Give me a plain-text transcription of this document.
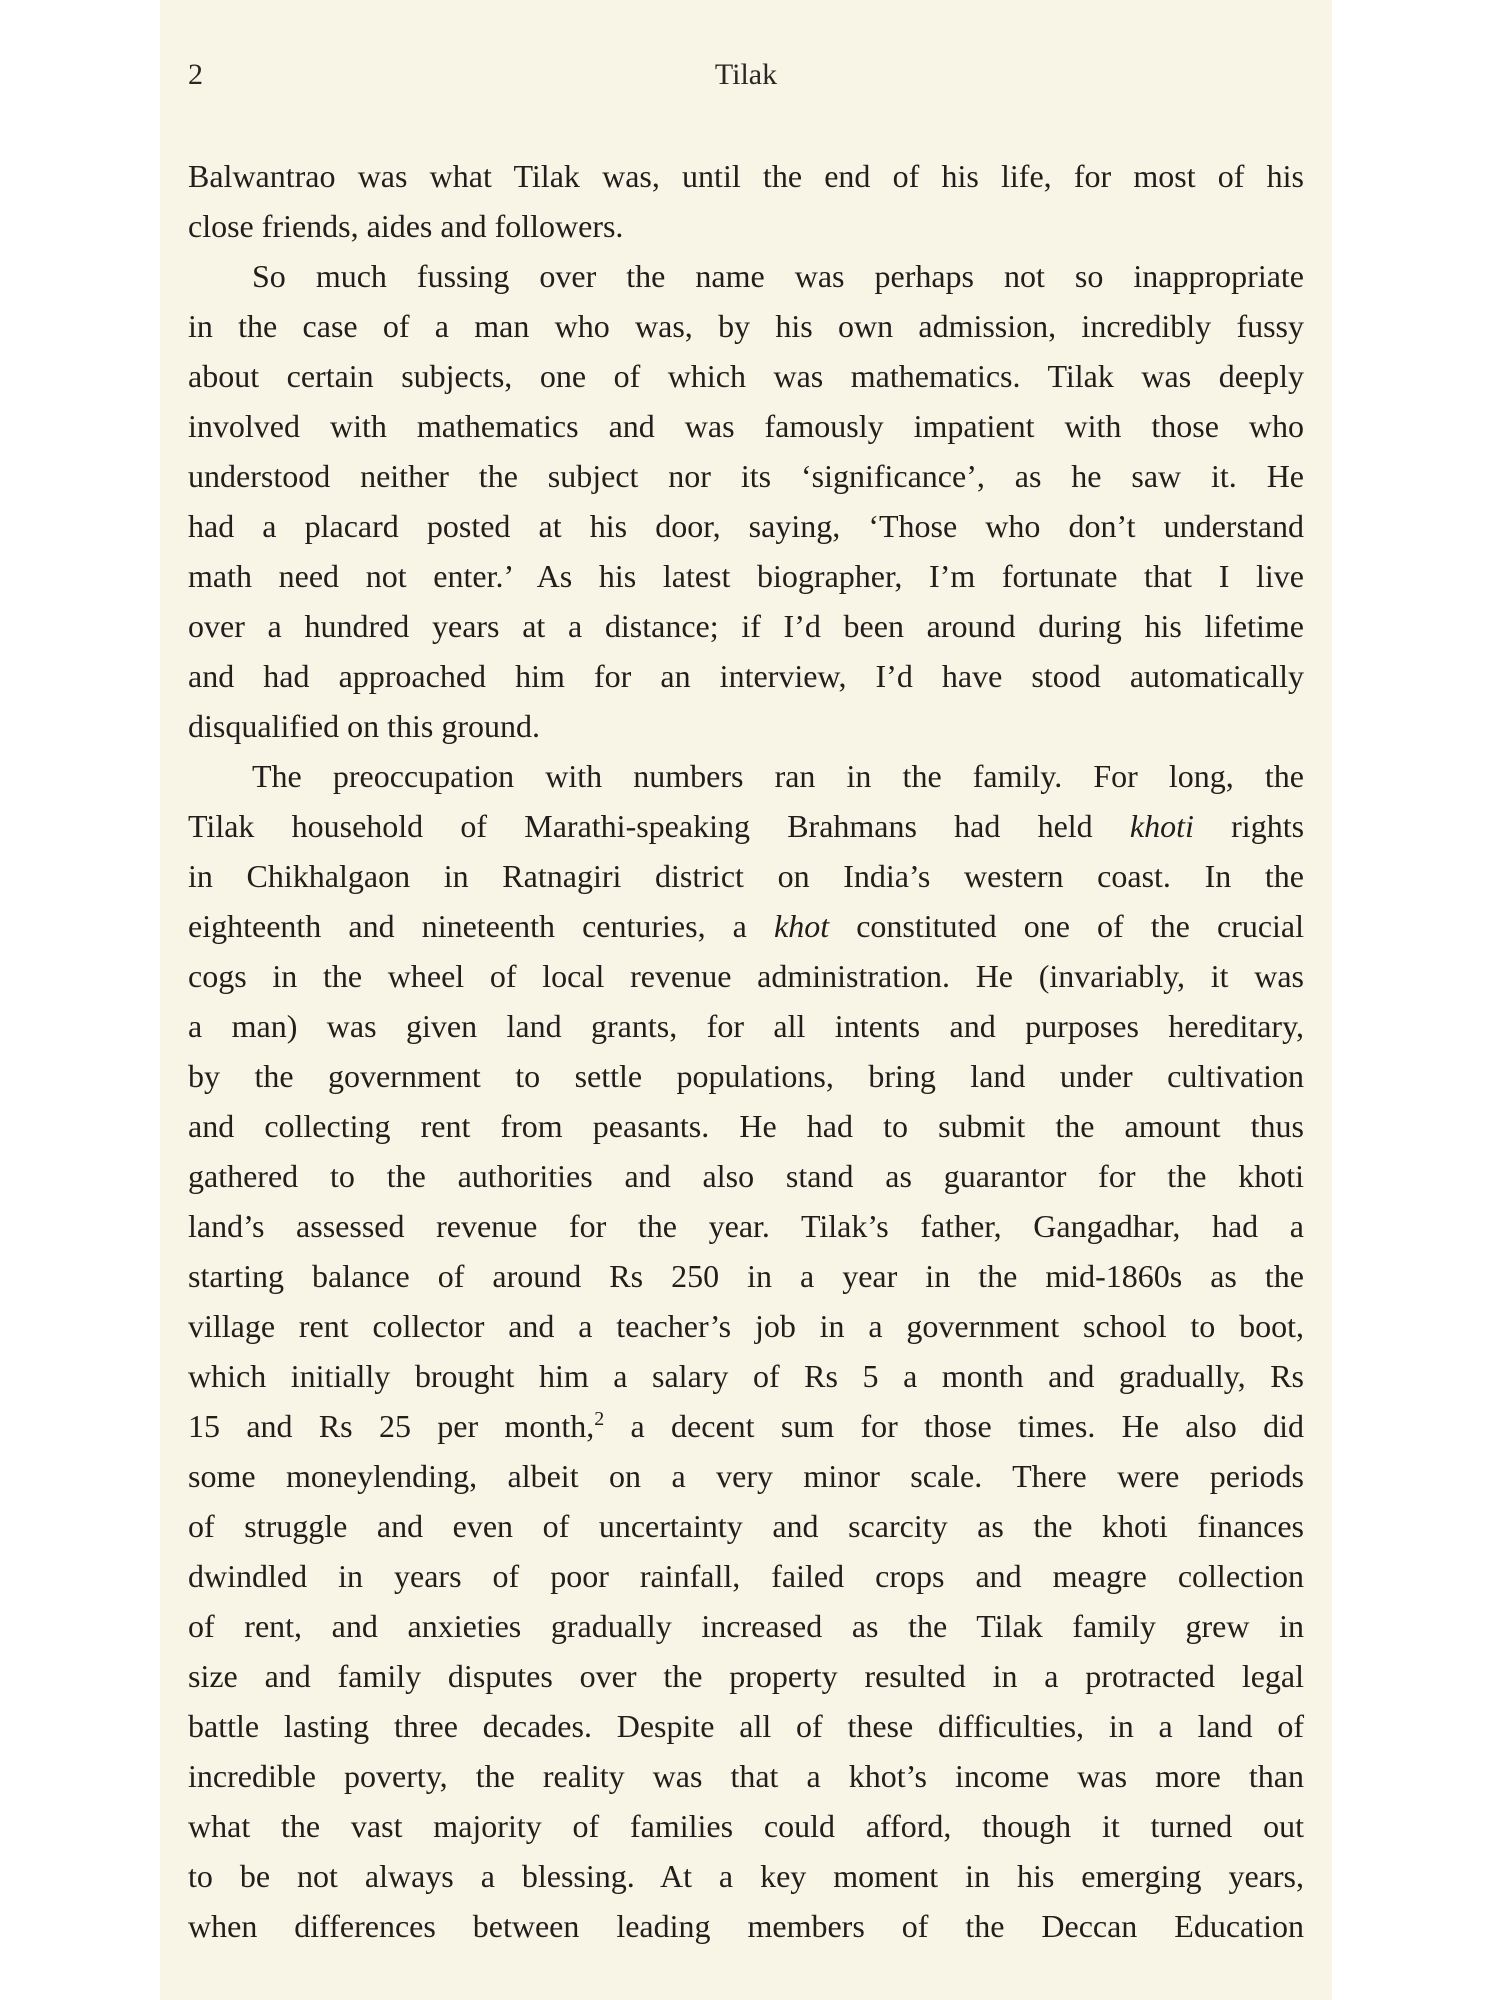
2	Tilak
Balwantrao was what Tilak was, until the end of his life, for most of his
close friends, aides and followers.
So much fussing over the name was perhaps not so inappropriate
in the case of a man who was, by his own admission, incredibly fussy
about certain subjects, one of which was mathematics. Tilak was deeply
involved with mathematics and was famously impatient with those who
understood neither the subject nor its ‘significance’, as he saw it. He
had a placard posted at his door, saying, ‘Those who don’t understand
math need not enter.’ As his latest biographer, I’m fortunate that I live
over a hundred years at a distance; if I’d been around during his lifetime
and had approached him for an interview, I’d have stood automatically
disqualified on this ground.
The preoccupation with numbers ran in the family. For long, the
Tilak household of Marathi-speaking Brahmans had held khoti rights
in Chikhalgaon in Ratnagiri district on India’s western coast. In the
eighteenth and nineteenth centuries, a khot constituted one of the crucial
cogs in the wheel of local revenue administration. He (invariably, it was
a man) was given land grants, for all intents and purposes hereditary,
by the government to settle populations, bring land under cultivation
and collecting rent from peasants. He had to submit the amount thus
gathered to the authorities and also stand as guarantor for the khoti
land’s assessed revenue for the year. Tilak’s father, Gangadhar, had a
starting balance of around Rs 250 in a year in the mid-1860s as the
village rent collector and a teacher’s job in a government school to boot,
which initially brought him a salary of Rs 5 a month and gradually, Rs
15 and Rs 25 per month,$^2$ a decent sum for those times. He also did
some moneylending, albeit on a very minor scale. There were periods
of struggle and even of uncertainty and scarcity as the khoti finances
dwindled in years of poor rainfall, failed crops and meagre collection
of rent, and anxieties gradually increased as the Tilak family grew in
size and family disputes over the property resulted in a protracted legal
battle lasting three decades. Despite all of these difficulties, in a land of
incredible poverty, the reality was that a khot’s income was more than
what the vast majority of families could afford, though it turned out
to be not always a blessing. At a key moment in his emerging years,
when differences between leading members of the Deccan Education
